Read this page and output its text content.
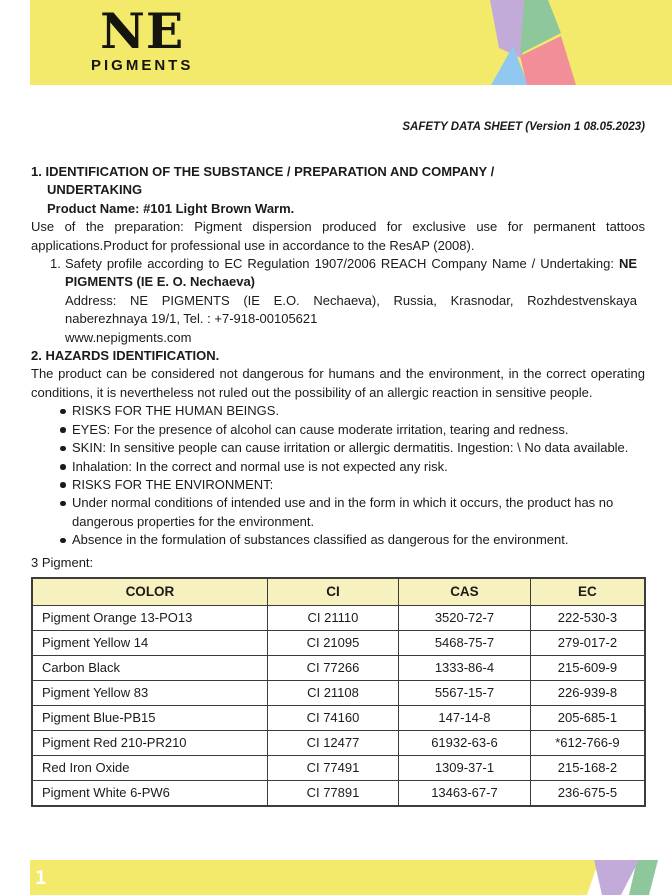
NE
PIGMENTS
SAFETY DATA SHEET (Version 1 08.05.2023)
1. IDENTIFICATION OF THE SUBSTANCE / PREPARATION AND COMPANY /
UNDERTAKING
Product Name: #101 Light Brown Warm.
Use of the preparation: Pigment dispersion produced for exclusive use for permanent tattoos applications.Product for professional use in accordance to the ResAP (2008).
1. Safety profile according to EC Regulation 1907/2006 REACH Company Name / Undertaking: NE PIGMENTS (IE E. O. Nechaeva)
Address: NE PIGMENTS (IE E.O. Nechaeva), Russia, Krasnodar, Rozhdestvenskaya naberezhnaya 19/1, Tel. : +7-918-00105621
www.nepigments.com
2. HAZARDS IDENTIFICATION.
The product can be considered not dangerous for humans and the environment, in the correct operating conditions, it is nevertheless not ruled out the possibility of an allergic reaction in sensitive people.
RISKS FOR THE HUMAN BEINGS.
EYES: For the presence of alcohol can cause moderate irritation, tearing and redness.
SKIN: In sensitive people can cause irritation or allergic dermatitis. Ingestion: \ No data available.
Inhalation: In the correct and normal use is not expected any risk.
RISKS FOR THE ENVIRONMENT:
Under normal conditions of intended use and in the form in which it occurs, the product has no dangerous properties for the environment.
Absence in the formulation of substances classified as dangerous for the environment.
3 Pigment:
COLOR	CI	CAS	EC
Pigment Orange 13-PO13	CI 21110	3520-72-7	222-530-3
Pigment Yellow 14	CI 21095	5468-75-7	279-017-2
Carbon Black	CI 77266	1333-86-4	215-609-9
Pigment Yellow 83	CI 21108	5567-15-7	226-939-8
Pigment Blue-PB15	CI 74160	147-14-8	205-685-1
Pigment Red 210-PR210	CI 12477	61932-63-6	*612-766-9
Red Iron Oxide	CI 77491	1309-37-1	215-168-2
Pigment White 6-PW6	CI 77891	13463-67-7	236-675-5
1
